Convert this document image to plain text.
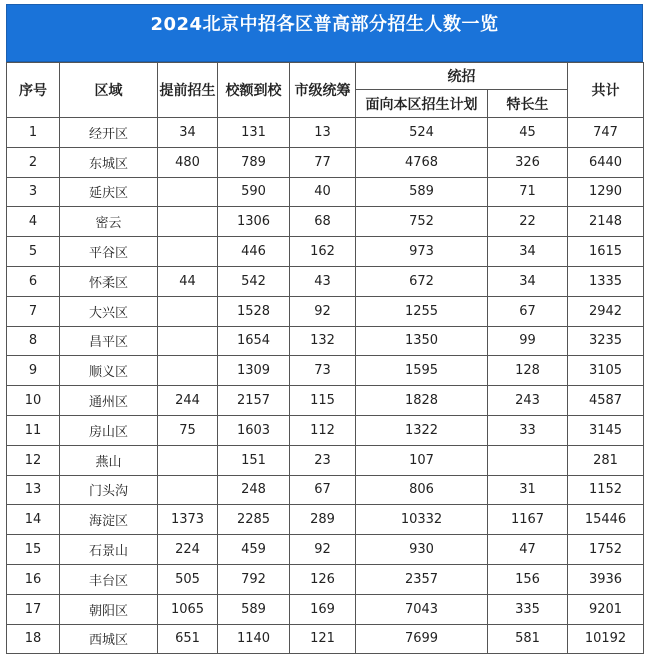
2024北京中招各区普高部分招生人数一览
序号	区域	提前招生	校额到校	市级统筹	统招		共计
					面向本区招生计划	特长生	
1	经开区	34	131	13	524	45	747
2	东城区	480	789	77	4768	326	6440
3	延庆区		590	40	589	71	1290
4	密云		1306	68	752	22	2148
5	平谷区		446	162	973	34	1615
6	怀柔区	44	542	43	672	34	1335
7	大兴区		1528	92	1255	67	2942
8	昌平区		1654	132	1350	99	3235
9	顺义区		1309	73	1595	128	3105
10	通州区	244	2157	115	1828	243	4587
11	房山区	75	1603	112	1322	33	3145
12	燕山		151	23	107		281
13	门头沟		248	67	806	31	1152
14	海淀区	1373	2285	289	10332	1167	15446
15	石景山	224	459	92	930	47	1752
16	丰台区	505	792	126	2357	156	3936
17	朝阳区	1065	589	169	7043	335	9201
18	西城区	651	1140	121	7699	581	10192
